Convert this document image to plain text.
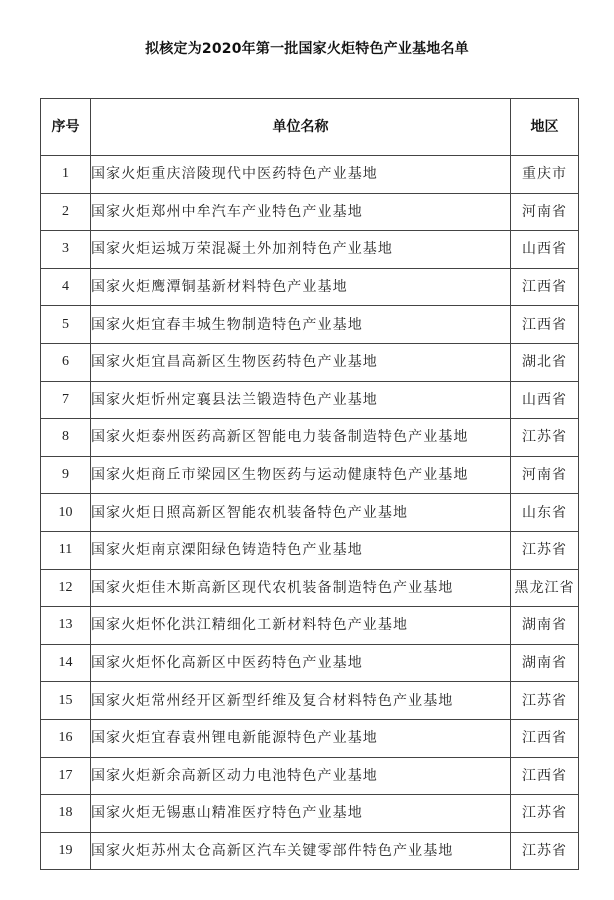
拟核定为2020年第一批国家火炬特色产业基地名单
序号	单位名称	地区
1	国家火炬重庆涪陵现代中医药特色产业基地	重庆市
2	国家火炬郑州中牟汽车产业特色产业基地	河南省
3	国家火炬运城万荣混凝土外加剂特色产业基地	山西省
4	国家火炬鹰潭铜基新材料特色产业基地	江西省
5	国家火炬宜春丰城生物制造特色产业基地	江西省
6	国家火炬宜昌高新区生物医药特色产业基地	湖北省
7	国家火炬忻州定襄县法兰锻造特色产业基地	山西省
8	国家火炬泰州医药高新区智能电力装备制造特色产业基地	江苏省
9	国家火炬商丘市梁园区生物医药与运动健康特色产业基地	河南省
10	国家火炬日照高新区智能农机装备特色产业基地	山东省
11	国家火炬南京溧阳绿色铸造特色产业基地	江苏省
12	国家火炬佳木斯高新区现代农机装备制造特色产业基地	黑龙江省
13	国家火炬怀化洪江精细化工新材料特色产业基地	湖南省
14	国家火炬怀化高新区中医药特色产业基地	湖南省
15	国家火炬常州经开区新型纤维及复合材料特色产业基地	江苏省
16	国家火炬宜春袁州锂电新能源特色产业基地	江西省
17	国家火炬新余高新区动力电池特色产业基地	江西省
18	国家火炬无锡惠山精准医疗特色产业基地	江苏省
19	国家火炬苏州太仓高新区汽车关键零部件特色产业基地	江苏省
